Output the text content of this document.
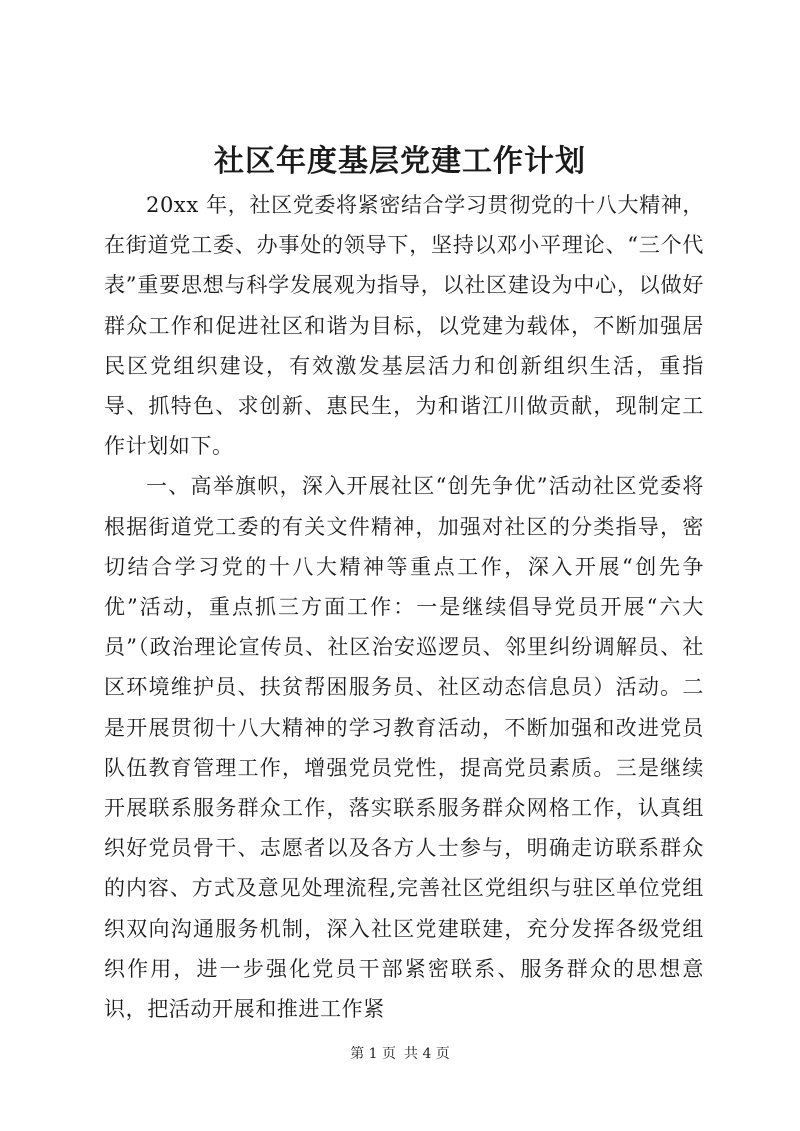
社区年度基层党建工作计划

20xx 年，社区党委将紧密结合学习贯彻党的十八大精神，在街道党工委、办事处的领导下，坚持以邓小平理论、“三个代表”重要思想与科学发展观为指导，以社区建设为中心，以做好群众工作和促进社区和谐为目标，以党建为载体，不断加强居民区党组织建设，有效激发基层活力和创新组织生活，重指导、抓特色、求创新、惠民生，为和谐江川做贡献，现制定工作计划如下。

一、高举旗帜，深入开展社区“创先争优”活动社区党委将根据街道党工委的有关文件精神，加强对社区的分类指导，密切结合学习党的十八大精神等重点工作，深入开展“创先争优”活动，重点抓三方面工作：一是继续倡导党员开展“六大员”（政治理论宣传员、社区治安巡逻员、邻里纠纷调解员、社区环境维护员、扶贫帮困服务员、社区动态信息员）活动。二是开展贯彻十八大精神的学习教育活动，不断加强和改进党员队伍教育管理工作，增强党员党性，提高党员素质。三是继续开展联系服务群众工作，落实联系服务群众网格工作，认真组织好党员骨干、志愿者以及各方人士参与，明确走访联系群众的内容、方式及意见处理流程,完善社区党组织与驻区单位党组织双向沟通服务机制，深入社区党建联建，充分发挥各级党组织作用，进一步强化党员干部紧密联系、服务群众的思想意识，把活动开展和推进工作紧

第 1 页 共 4 页
